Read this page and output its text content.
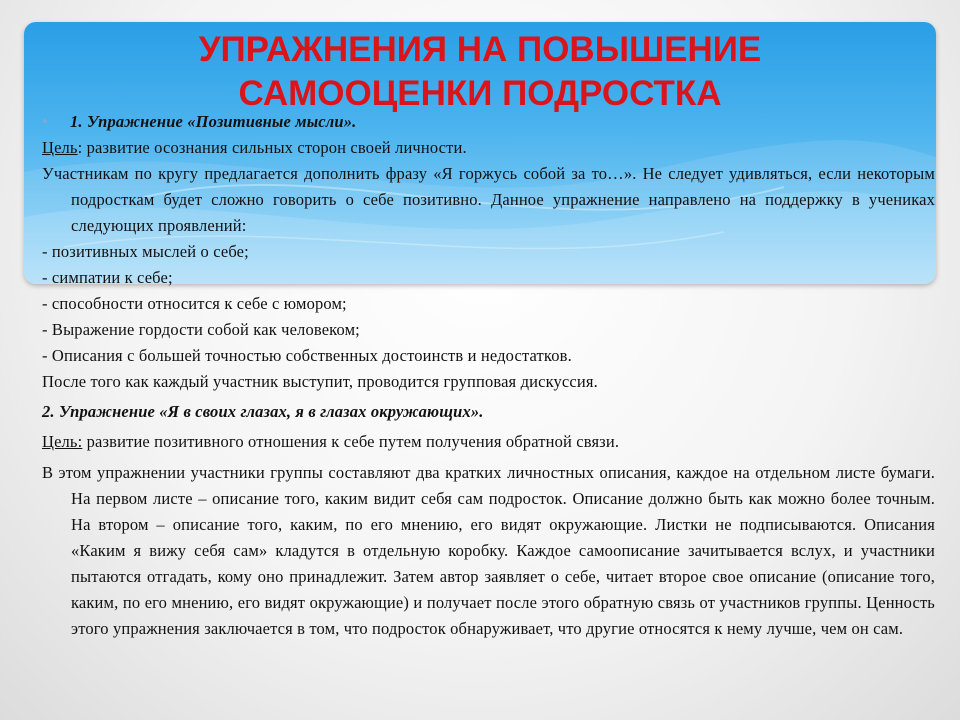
УПРАЖНЕНИЯ НА ПОВЫШЕНИЕ
САМООЦЕНКИ ПОДРОСТКА

● 1. Упражнение «Позитивные мысли».

Цель: развитие осознания сильных сторон своей личности.

Участникам по кругу предлагается дополнить фразу «Я горжусь собой за то…». Не следует удивляться, если некоторым подросткам будет сложно говорить о себе позитивно. Данное упражнение направлено на поддержку в учениках следующих проявлений:

- позитивных мыслей о себе;

- симпатии к себе;

- способности относится к себе с юмором;

- Выражение гордости собой как человеком;

- Описания с большей точностью собственных достоинств и недостатков.

После того как каждый участник выступит, проводится групповая дискуссия.

2. Упражнение «Я в своих глазах, я в глазах окружающих».

Цель: развитие позитивного отношения к себе путем получения обратной связи.

В этом упражнении участники группы составляют два кратких личностных описания, каждое на отдельном листе бумаги. На первом листе – описание того, каким видит себя сам подросток. Описание должно быть как можно более точным. На втором – описание того, каким, по его мнению, его видят окружающие. Листки не подписываются. Описания «Каким я вижу себя сам» кладутся в отдельную коробку. Каждое самоописание зачитывается вслух, и участники пытаются отгадать, кому оно принадлежит. Затем автор заявляет о себе, читает второе свое описание (описание того, каким, по его мнению, его видят окружающие) и получает после этого обратную связь от участников группы. Ценность этого упражнения заключается в том, что подросток обнаруживает, что другие относятся к нему лучше, чем он сам.
